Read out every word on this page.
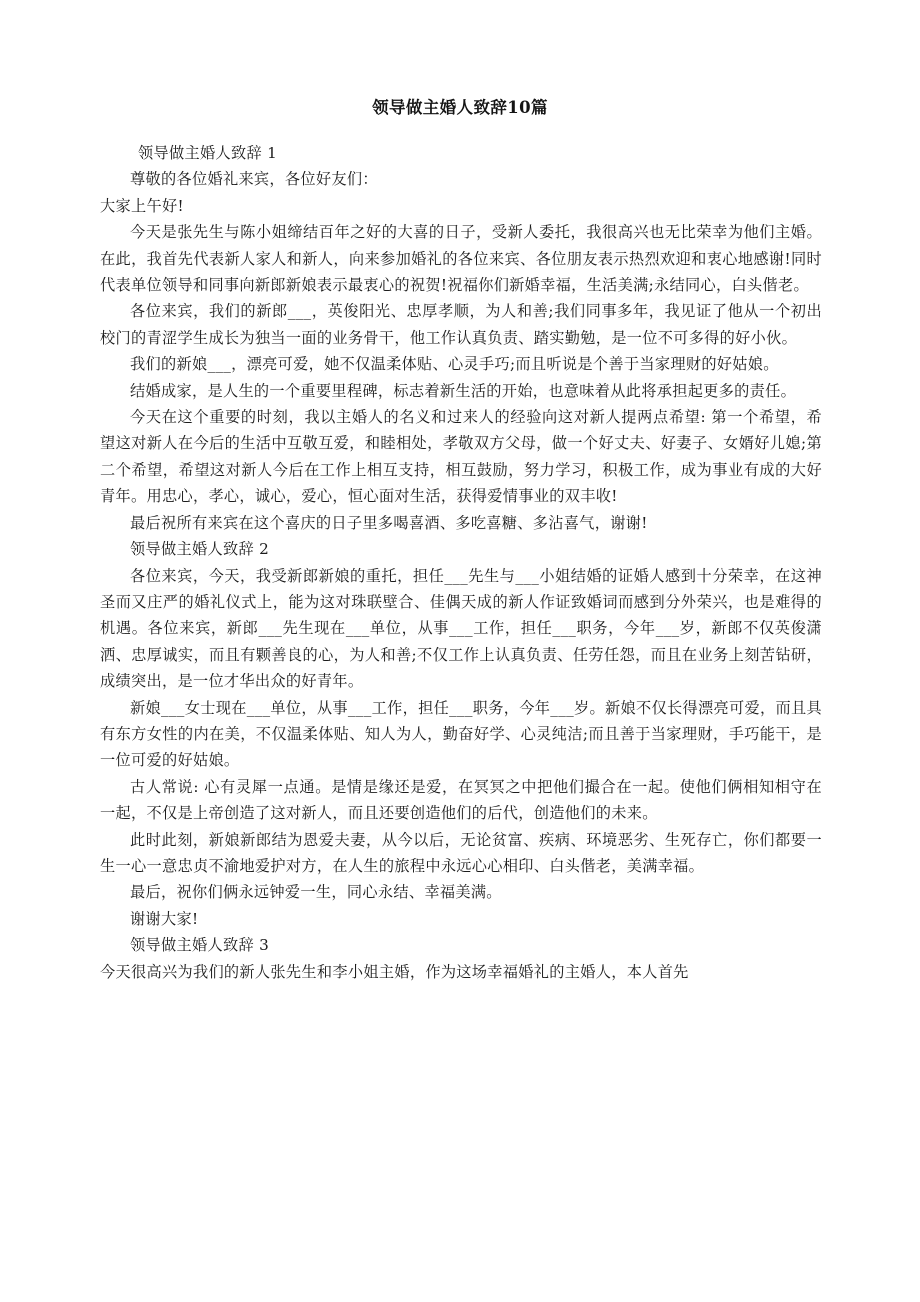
领导做主婚人致辞10篇

领导做主婚人致辞 1

尊敬的各位婚礼来宾，各位好友们：

大家上午好!

今天是张先生与陈小姐缔结百年之好的大喜的日子，受新人委托，我很高兴也无比荣幸为他们主婚。在此，我首先代表新人家人和新人，向来参加婚礼的各位来宾、各位朋友表示热烈欢迎和衷心地感谢!同时代表单位领导和同事向新郎新娘表示最衷心的祝贺!祝福你们新婚幸福，生活美满;永结同心，白头偕老。

各位来宾，我们的新郎___，英俊阳光、忠厚孝顺，为人和善;我们同事多年，我见证了他从一个初出校门的青涩学生成长为独当一面的业务骨干，他工作认真负责、踏实勤勉，是一位不可多得的好小伙。

我们的新娘___，漂亮可爱，她不仅温柔体贴、心灵手巧;而且听说是个善于当家理财的好姑娘。

结婚成家，是人生的一个重要里程碑，标志着新生活的开始，也意味着从此将承担起更多的责任。

今天在这个重要的时刻，我以主婚人的名义和过来人的经验向这对新人提两点希望: 第一个希望，希望这对新人在今后的生活中互敬互爱，和睦相处，孝敬双方父母，做一个好丈夫、好妻子、女婿好儿媳;第二个希望，希望这对新人今后在工作上相互支持，相互鼓励，努力学习，积极工作，成为事业有成的大好青年。用忠心，孝心，诚心，爱心，恒心面对生活，获得爱情事业的双丰收!

最后祝所有来宾在这个喜庆的日子里多喝喜酒、多吃喜糖、多沾喜气，谢谢!

领导做主婚人致辞 2

各位来宾，今天，我受新郎新娘的重托，担任___先生与___小姐结婚的证婚人感到十分荣幸，在这神圣而又庄严的婚礼仪式上，能为这对珠联壁合、佳偶天成的新人作证致婚词而感到分外荣兴，也是难得的机遇。各位来宾，新郎___先生现在___单位，从事___工作，担任___职务，今年___岁，新郎不仅英俊潇洒、忠厚诚实，而且有颗善良的心，为人和善;不仅工作上认真负责、任劳任怨，而且在业务上刻苦钻研，成绩突出，是一位才华出众的好青年。

新娘___女士现在___单位，从事___工作，担任___职务，今年___岁。新娘不仅长得漂亮可爱，而且具有东方女性的内在美，不仅温柔体贴、知人为人，勤奋好学、心灵纯洁;而且善于当家理财，手巧能干，是一位可爱的好姑娘。

古人常说: 心有灵犀一点通。是情是缘还是爱，在冥冥之中把他们撮合在一起。使他们俩相知相守在一起，不仅是上帝创造了这对新人，而且还要创造他们的后代，创造他们的未来。

此时此刻，新娘新郎结为恩爱夫妻，从今以后，无论贫富、疾病、环境恶劣、生死存亡，你们都要一生一心一意忠贞不渝地爱护对方，在人生的旅程中永远心心相印、白头偕老，美满幸福。

最后，祝你们俩永远钟爱一生，同心永结、幸福美满。

谢谢大家!

领导做主婚人致辞 3

今天很高兴为我们的新人张先生和李小姐主婚，作为这场幸福婚礼的主婚人，本人首先
